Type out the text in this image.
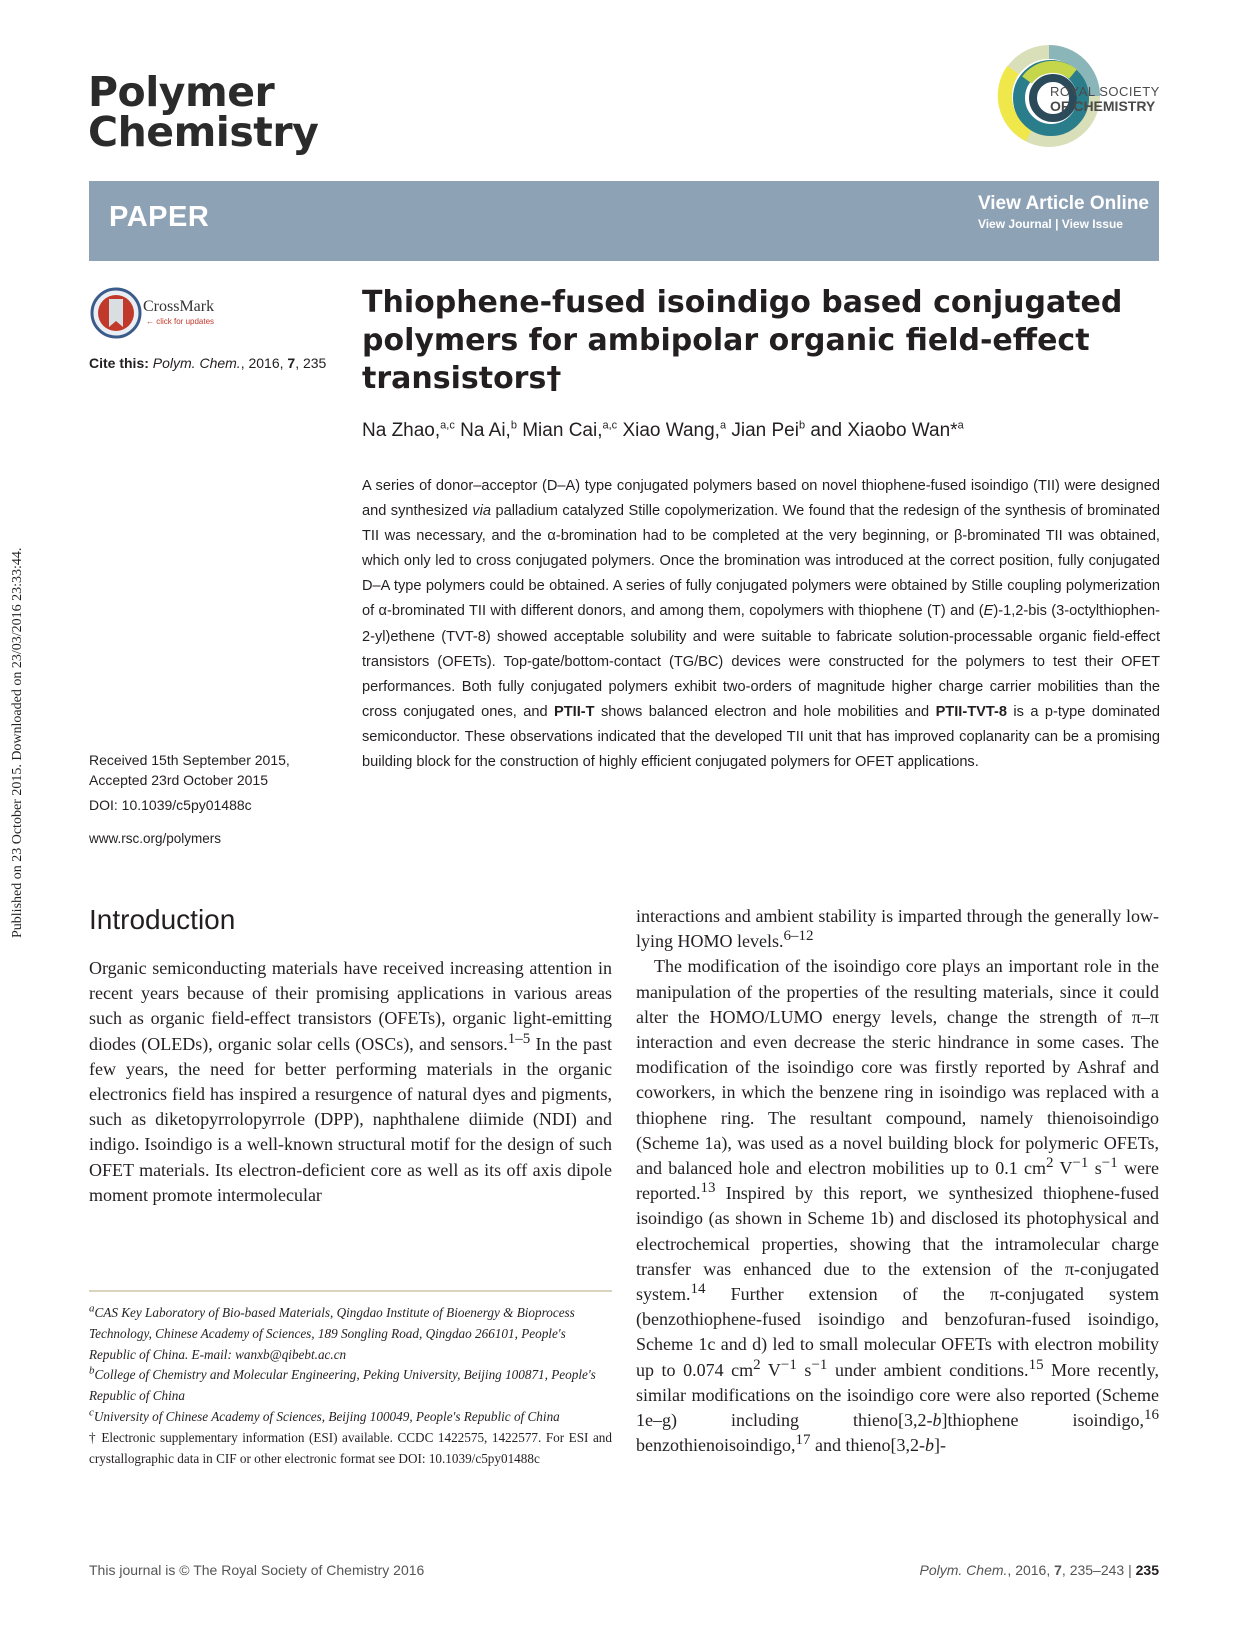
Polymer
Chemistry
ROYAL SOCIETY
OF CHEMISTRY
PAPER	View Article Online
View Journal | View Issue
CrossMark
← click for updates
Cite this: Polym. Chem., 2016, 7, 235
Thiophene-fused isoindigo based conjugated polymers for ambipolar organic field-effect transistors†
Na Zhao,$^{a,c}$ Na Ai,$^b$ Mian Cai,$^{a,c}$ Xiao Wang,$^a$ Jian Pei$^b$ and Xiaobo Wan*$^a$
A series of donor–acceptor (D–A) type conjugated polymers based on novel thiophene-fused isoindigo (TII) were designed and synthesized via palladium catalyzed Stille copolymerization. We found that the redesign of the synthesis of brominated TII was necessary, and the α-bromination had to be completed at the very beginning, or β-brominated TII was obtained, which only led to cross conjugated polymers. Once the bromination was introduced at the correct position, fully conjugated D–A type polymers could be obtained. A series of fully conjugated polymers were obtained by Stille coupling polymerization of α-brominated TII with different donors, and among them, copolymers with thiophene (T) and (E)-1,2-bis (3-octylthiophen-2-yl)ethene (TVT-8) showed acceptable solubility and were suitable to fabricate solution-processable organic field-effect transistors (OFETs). Top-gate/bottom-contact (TG/BC) devices were constructed for the polymers to test their OFET performances. Both fully conjugated polymers exhibit two-orders of magnitude higher charge carrier mobilities than the cross conjugated ones, and PTII-T shows balanced electron and hole mobilities and PTII-TVT-8 is a p-type dominated semiconductor. These observations indicated that the developed TII unit that has improved coplanarity can be a promising building block for the construction of highly efficient conjugated polymers for OFET applications.
Received 15th September 2015,
Accepted 23rd October 2015
DOI: 10.1039/c5py01488c
www.rsc.org/polymers
Published on 23 October 2015. Downloaded on 23/03/2016 23:33:44. Introduction
Organic semiconducting materials have received increasing attention in recent years because of their promising applications in various areas such as organic field-effect transistors (OFETs), organic light-emitting diodes (OLEDs), organic solar cells (OSCs), and sensors.$^{1-5}$ In the past few years, the need for better performing materials in the organic electronics field has inspired a resurgence of natural dyes and pigments, such as diketopyrrolopyrrole (DPP), naphthalene diimide (NDI) and indigo. Isoindigo is a well-known structural motif for the design of such OFET materials. Its electron-deficient core as well as its off axis dipole moment promote intermolecular

interactions and ambient stability is imparted through the generally low-lying HOMO levels.$^{6-12}$

The modification of the isoindigo core plays an important role in the manipulation of the properties of the resulting materials, since it could alter the HOMO/LUMO energy levels, change the strength of π–π interaction and even decrease the steric hindrance in some cases. The modification of the isoindigo core was firstly reported by Ashraf and coworkers, in which the benzene ring in isoindigo was replaced with a thiophene ring. The resultant compound, namely thienoisoindigo (Scheme 1a), was used as a novel building block for polymeric OFETs, and balanced hole and electron mobilities up to 0.1 $cm^2$ $V^{-1}$ $s^{-1}$ were reported.$^{13}$ Inspired by this report, we synthesized thiophene-fused isoindigo (as shown in Scheme 1b) and disclosed its photophysical and electrochemical properties, showing that the intramolecular charge transfer was enhanced due to the extension of the π-conjugated system.$^{14}$ Further extension of the π-conjugated system (benzothiophene-fused isoindigo and benzofuran-fused isoindigo, Scheme 1c and d) led to small molecular OFETs with electron mobility up to 0.074 $cm^2$ $V^{-1}$ $s^{-1}$ under ambient conditions.$^{15}$ More recently, similar modifications on the isoindigo core were also reported (Scheme 1e–g) including thieno[3,2-b]thiophene isoindigo,$^{16}$ benzothienoisoindigo,$^{17}$ and thieno[3,2-b]-

$^a$CAS Key Laboratory of Bio-based Materials, Qingdao Institute of Bioenergy & Bioprocess Technology, Chinese Academy of Sciences, 189 Songling Road, Qingdao 266101, People's Republic of China. E-mail: wanxb@qibebt.ac.cn

$^b$College of Chemistry and Molecular Engineering, Peking University, Beijing 100871, People's Republic of China

$^c$University of Chinese Academy of Sciences, Beijing 100049, People's Republic of China

† Electronic supplementary information (ESI) available. CCDC 1422575, 1422577. For ESI and crystallographic data in CIF or other electronic format see DOI: 10.1039/c5py01488c

This journal is © The Royal Society of Chemistry 2016	Polym. Chem., 2016, 7, 235–243 | 235
